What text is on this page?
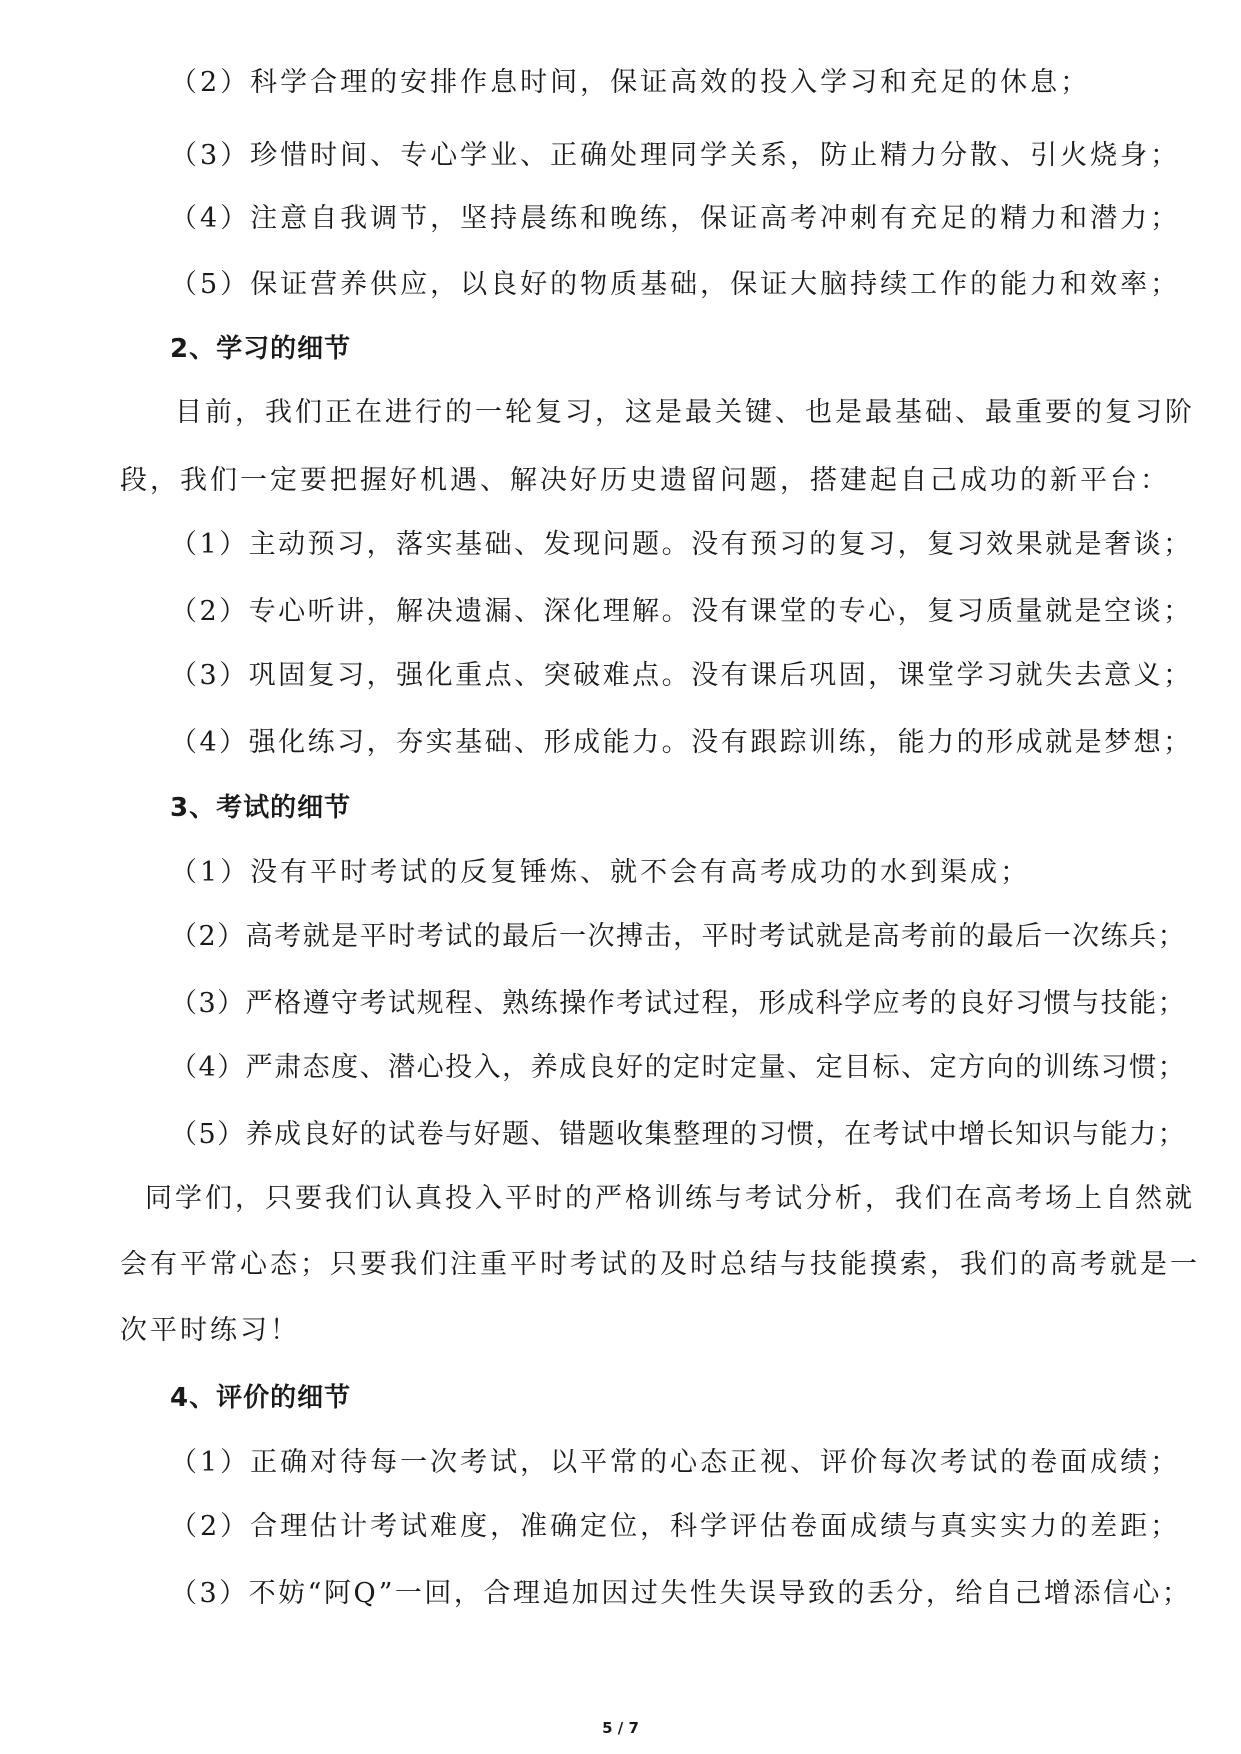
（2）科学合理的安排作息时间，保证高效的投入学习和充足的休息；
（3）珍惜时间、专心学业、正确处理同学关系，防止精力分散、引火烧身；
（4）注意自我调节，坚持晨练和晚练，保证高考冲刺有充足的精力和潜力；
（5）保证营养供应，以良好的物质基础，保证大脑持续工作的能力和效率；
2、学习的细节
目前，我们正在进行的一轮复习，这是最关键、也是最基础、最重要的复习阶
段，我们一定要把握好机遇、解决好历史遗留问题，搭建起自己成功的新平台：
（1）主动预习，落实基础、发现问题。没有预习的复习，复习效果就是奢谈；
（2）专心听讲，解决遗漏、深化理解。没有课堂的专心，复习质量就是空谈；
（3）巩固复习，强化重点、突破难点。没有课后巩固，课堂学习就失去意义；
（4）强化练习，夯实基础、形成能力。没有跟踪训练，能力的形成就是梦想；
3、考试的细节
（1）没有平时考试的反复锤炼、就不会有高考成功的水到渠成；
（2）高考就是平时考试的最后一次搏击，平时考试就是高考前的最后一次练兵；
（3）严格遵守考试规程、熟练操作考试过程，形成科学应考的良好习惯与技能；
（4）严肃态度、潜心投入，养成良好的定时定量、定目标、定方向的训练习惯；
（5）养成良好的试卷与好题、错题收集整理的习惯，在考试中增长知识与能力；
同学们，只要我们认真投入平时的严格训练与考试分析，我们在高考场上自然就
会有平常心态；只要我们注重平时考试的及时总结与技能摸索，我们的高考就是一
次平时练习！
4、评价的细节
（1）正确对待每一次考试，以平常的心态正视、评价每次考试的卷面成绩；
（2）合理估计考试难度，准确定位，科学评估卷面成绩与真实实力的差距；
（3）不妨“阿Q”一回，合理追加因过失性失误导致的丢分，给自己增添信心；
5 / 7
